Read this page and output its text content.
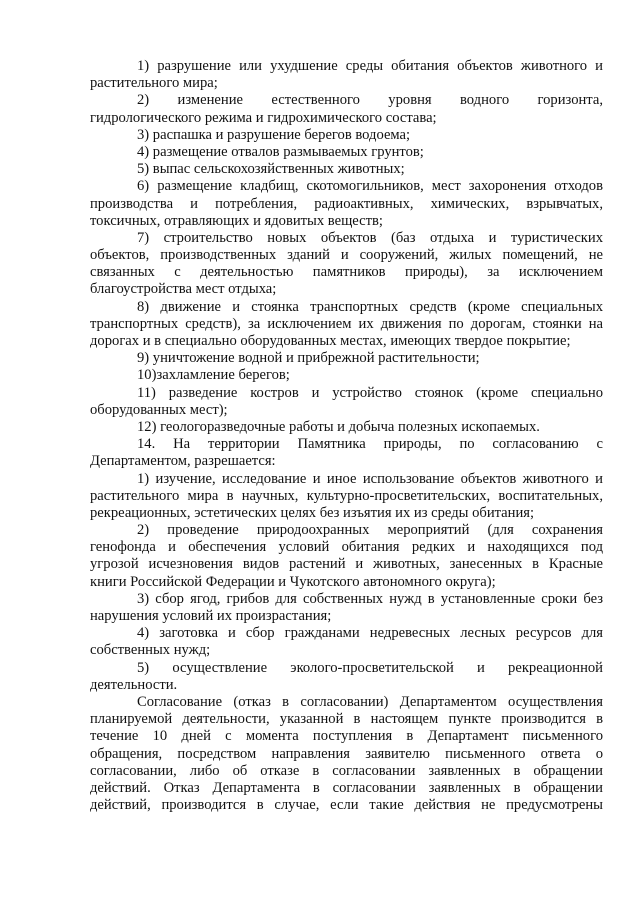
1) разрушение или ухудшение среды обитания объектов животного и
растительного мира;
2) изменение естественного уровня водного горизонта,
гидрологического режима и гидрохимического состава;
3) распашка и разрушение берегов водоема;
4) размещение отвалов размываемых грунтов;
5) выпас сельскохозяйственных животных;
6) размещение кладбищ, скотомогильников, мест захоронения отходов
производства и потребления, радиоактивных, химических, взрывчатых,
токсичных, отравляющих и ядовитых веществ;
7) строительство новых объектов (баз отдыха и туристических
объектов, производственных зданий и сооружений, жилых помещений, не
связанных с деятельностью памятников природы), за исключением
благоустройства мест отдыха;
8) движение и стоянка транспортных средств (кроме специальных
транспортных средств), за исключением их движения по дорогам, стоянки на
дорогах и в специально оборудованных местах, имеющих твердое покрытие;
9) уничтожение водной и прибрежной растительности;
10)захламление берегов;
11) разведение костров и устройство стоянок (кроме специально
оборудованных мест);
12) геологоразведочные работы и добыча полезных ископаемых.
14. На территории Памятника природы, по согласованию с
Департаментом, разрешается:
1) изучение, исследование и иное использование объектов животного и
растительного мира в научных, культурно-просветительских, воспитательных,
рекреационных, эстетических целях без изъятия их из среды обитания;
2) проведение природоохранных мероприятий (для сохранения
генофонда и обеспечения условий обитания редких и находящихся под
угрозой исчезновения видов растений и животных, занесенных в Красные
книги Российской Федерации и Чукотского автономного округа);
3) сбор ягод, грибов для собственных нужд в установленные сроки без
нарушения условий их произрастания;
4) заготовка и сбор гражданами недревесных лесных ресурсов для
собственных нужд;
5) осуществление эколого-просветительской и рекреационной
деятельности.
Согласование (отказ в согласовании) Департаментом осуществления
планируемой деятельности, указанной в настоящем пункте производится в
течение 10 дней с момента поступления в Департамент письменного
обращения, посредством направления заявителю письменного ответа о
согласовании, либо об отказе в согласовании заявленных в обращении
действий. Отказ Департамента в согласовании заявленных в обращении
действий, производится в случае, если такие действия не предусмотрены
